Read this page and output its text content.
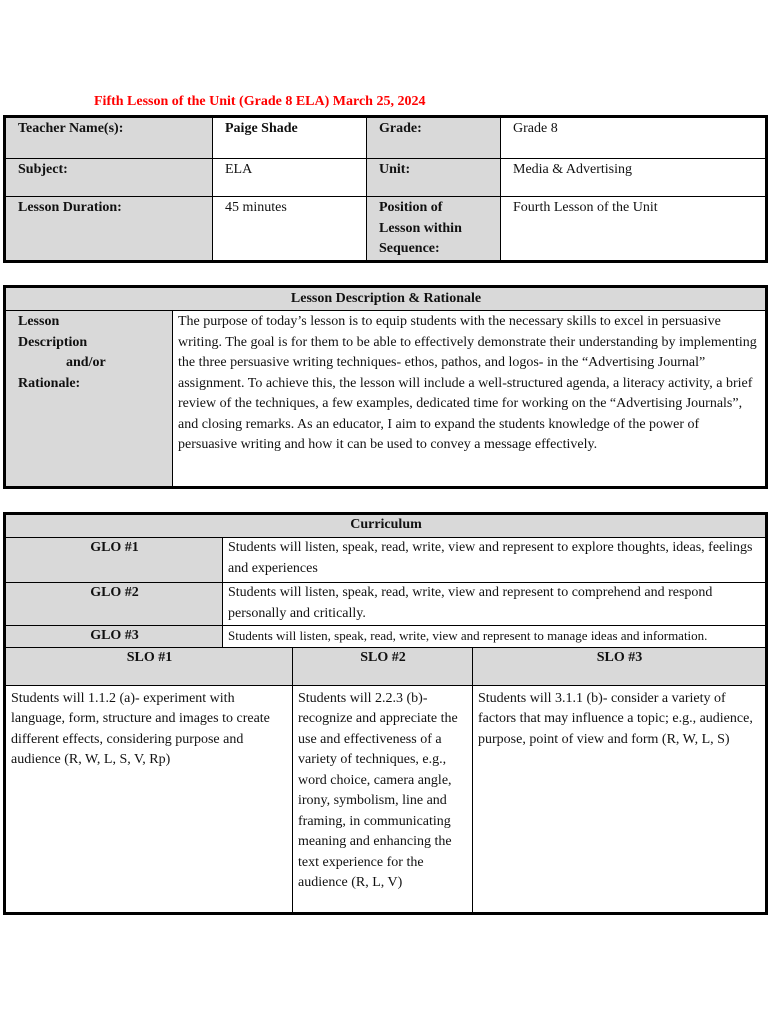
Fifth Lesson of the Unit (Grade 8 ELA) March 25, 2024
Teacher Name(s):	Paige Shade	Grade:	Grade 8
Subject:	ELA	Unit:	Media & Advertising
Lesson Duration:	45 minutes	Position of
Lesson within
Sequence:	Fourth Lesson of the Unit
Lesson Description & Rationale

Lesson
Description
and/or
Rationale:
	The purpose of today’s lesson is to equip students with the necessary skills to excel in persuasive writing. The goal is for them to be able to effectively demonstrate their understanding by implementing the three persuasive writing techniques- ethos, pathos, and logos- in the “Advertising Journal” assignment. To achieve this, the lesson will include a well-structured agenda, a literacy activity, a brief review of the techniques, a few examples, dedicated time for working on the “Advertising Journals”, and closing remarks. As an educator, I aim to expand the students knowledge of the power of persuasive writing and how it can be used to convey a message effectively.
Curriculum			
GLO #1	Students will listen, speak, read, write, view and represent to explore thoughts, ideas, feelings and experiences		
GLO #2	Students will listen, speak, read, write, view and represent to comprehend and respond personally and critically.		
GLO #3	Students will listen, speak, read, write, view and represent to manage ideas and information.		
SLO #1		SLO #2	SLO #3
Students will 1.1.2 (a)- experiment with language, form, structure and images to create different effects, considering purpose and audience (R, W, L, S, V, Rp)		Students will 2.2.3 (b)- recognize and appreciate the use and effectiveness of a variety of techniques, e.g., word choice, camera angle, irony, symbolism, line and framing, in communicating meaning and enhancing the text experience for the audience (R, L, V)	Students will 3.1.1 (b)- consider a variety of factors that may influence a topic; e.g., audience, purpose, point of view and form (R, W, L, S)
